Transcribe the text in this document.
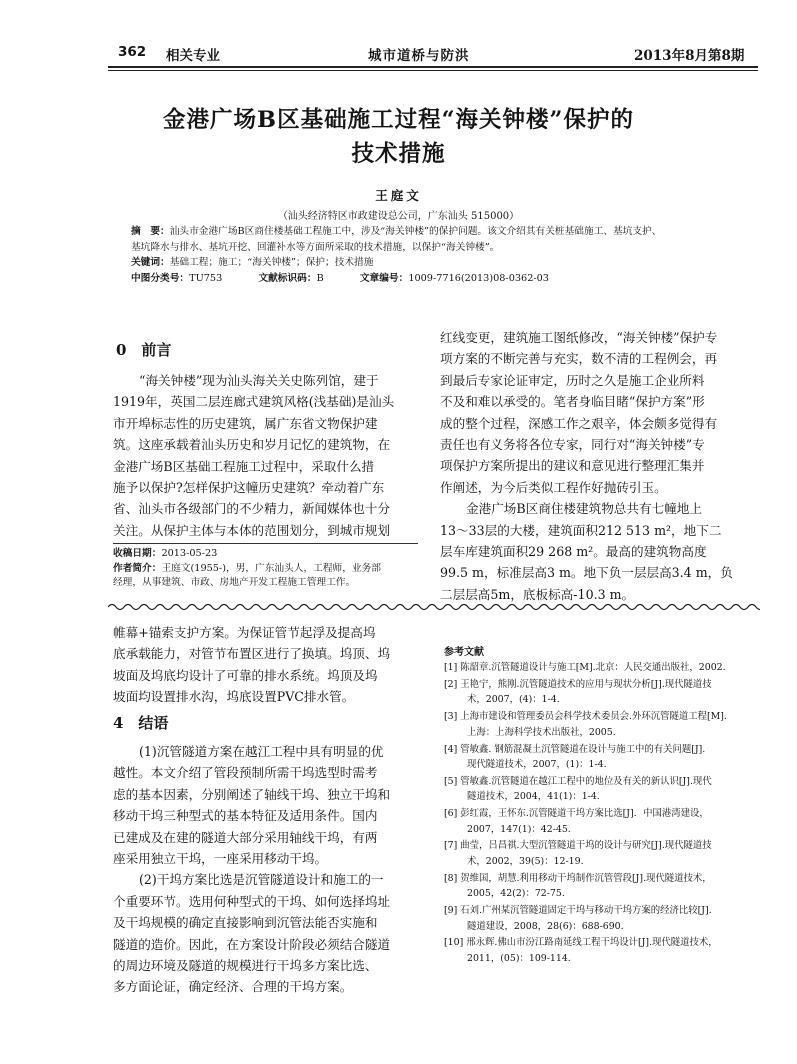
362 相关专业	城市道桥与防洪	2013年8月第8期
金港广场B区基础施工过程“海关钟楼”保护的
技术措施
王庭文
（汕头经济特区市政建设总公司，广东汕头 515000）
摘　要：汕头市金港广场B区商住楼基础工程施工中，涉及“海关钟楼”的保护问题。该文介绍其有关桩基础施工、基坑支护、
基坑降水与排水、基坑开挖、回灌补水等方面所采取的技术措施，以保护“海关钟楼”。
关键词：基础工程；施工；“海关钟楼”；保护；技术措施
中图分类号：TU753	文献标识码：B	文章编号：1009-7716(2013)08-0362-03
0　前言
“海关钟楼”现为汕头海关关史陈列馆，建于
1919年，英国二层连廊式建筑风格(浅基础)是汕头
市开埠标志性的历史建筑，属广东省文物保护建
筑。这座承载着汕头历史和岁月记忆的建筑物，在
金港广场B区基础工程施工过程中，采取什么措
施予以保护?怎样保护这幢历史建筑？牵动着广东
省、汕头市各级部门的不少精力，新闻媒体也十分
关注。从保护主体与本体的范围划分，到城市规划
收稿日期：2013-05-23
作者简介：王庭文(1955-)，男，广东汕头人，工程师，业务部
经理，从事建筑、市政、房地产开发工程施工管理工作。
红线变更，建筑施工图纸修改，“海关钟楼”保护专
项方案的不断完善与充实，数不清的工程例会，再
到最后专家论证审定，历时之久是施工企业所料
不及和难以承受的。笔者身临目睹“保护方案”形
成的整个过程，深感工作之艰辛，体会颇多觉得有
责任也有义务将各位专家，同行对“海关钟楼”专
项保护方案所提出的建议和意见进行整理汇集并
作阐述，为今后类似工程作好抛砖引玉。
金港广场B区商住楼建筑物总共有七幢地上
13～33层的大楼，建筑面积212 513 m²，地下二
层车库建筑面积29 268 m²。最高的建筑物高度
99.5 m，标准层高3 m。地下负一层层高3.4 m，负
二层层高5m，底板标高-10.3 m。
帷幕+锚索支护方案。为保证管节起浮及提高坞
底承载能力，对管节布置区进行了换填。坞顶、坞
坡面及坞底均设计了可靠的排水系统。坞顶及坞
坡面均设置排水沟，坞底设置PVC排水管。
4　结语
(1)沉管隧道方案在越江工程中具有明显的优
越性。本文介绍了管段预制所需干坞选型时需考
虑的基本因素，分别阐述了轴线干坞、独立干坞和
移动干坞三种型式的基本特征及适用条件。国内
已建成及在建的隧道大部分采用轴线干坞，有两
座采用独立干坞，一座采用移动干坞。
(2)干坞方案比选是沉管隧道设计和施工的一
个重要环节。选用何种型式的干坞、如何选择坞址
及干坞规模的确定直接影响到沉管法能否实施和
隧道的造价。因此，在方案设计阶段必须结合隧道
的周边环境及隧道的规模进行干坞多方案比选、
多方面论证，确定经济、合理的干坞方案。
参考文献
[1] 陈韶章.沉管隧道设计与施工[M].北京：人民交通出版社，2002.
[2] 王艳宁，熊刚.沉管隧道技术的应用与现状分析[J].现代隧道技
术，2007，(4)：1-4.
[3] 上海市建设和管理委员会科学技术委员会.外环沉管隧道工程[M].
上海：上海科学技术出版社，2005.
[4] 管敏鑫. 钢筋混凝土沉管隧道在设计与施工中的有关问题[J].
现代隧道技术，2007，(1)：1-4.
[5] 管敏鑫.沉管隧道在越江工程中的地位及有关的新认识[J].现代
隧道技术，2004，41(1)：1-4.
[6] 彭红霞，王怀东.沉管隧道干坞方案比选[J]．中国港湾建设，
2007，147(1)：42-45.
[7] 曲莹，吕昌祺.大型沉管隧道干坞的设计与研究[J].现代隧道技
术，2002，39(5)：12-19.
[8] 贺维国，胡慧.利用移动干坞制作沉管管段[J].现代隧道技术，
2005，42(2)：72-75.
[9] 石刘.广州某沉管隧道固定干坞与移动干坞方案的经济比较[J].
隧道建设，2008，28(6)：688-690.
[10] 邢永辉.佛山市汾江路南延线工程干坞设计[J].现代隧道技术，
2011，(05)：109-114.
